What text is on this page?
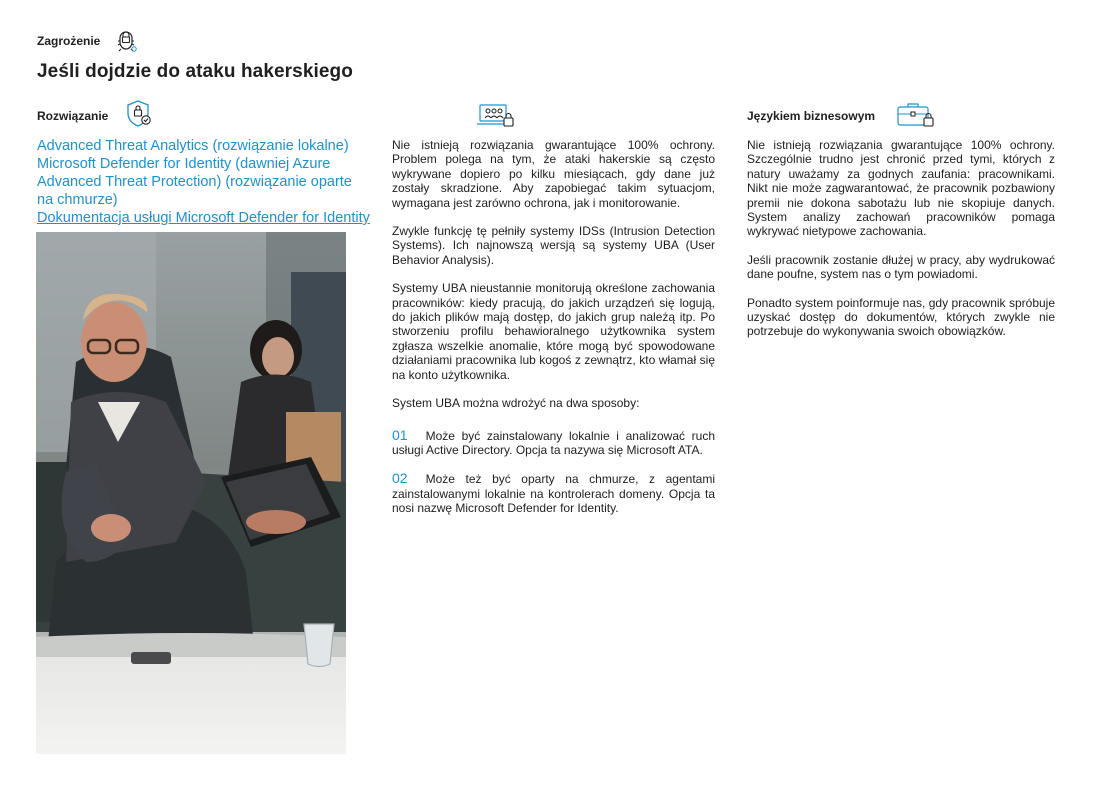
Zagrożenie
Jeśli dojdzie do ataku hakerskiego
Rozwiązanie
Advanced Threat Analytics (rozwiązanie lokalne)
Microsoft Defender for Identity (dawniej Azure
Advanced Threat Protection) (rozwiązanie oparte
na chmurze)
Dokumentacja usługi Microsoft Defender for Identity

Nie istnieją rozwiązania gwarantujące 100% ochrony. Problem polega na tym, że ataki hakerskie są często wykrywane dopiero po kilku miesiącach, gdy dane już zostały skradzione. Aby zapobiegać takim sytuacjom, wymagana jest zarówno ochrona, jak i monitorowanie.

Zwykle funkcję tę pełniły systemy IDSs (Intrusion Detection Systems). Ich najnowszą wersją są systemy UBA (User Behavior Analysis).

Systemy UBA nieustannie monitorują określone zachowania pracowników: kiedy pracują, do jakich urządzeń się logują, do jakich plików mają dostęp, do jakich grup należą itp. Po stworzeniu profilu behawioralnego użytkownika system zgłasza wszelkie anomalie, które mogą być spowodowane działaniami pracownika lub kogoś z zewnątrz, kto włamał się na konto użytkownika.

System UBA można wdrożyć na dwa sposoby:

01 Może być zainstalowany lokalnie i analizować ruch usługi Active Directory. Opcja ta nazywa się Microsoft ATA.

02 Może też być oparty na chmurze, z agentami zainstalowanymi lokalnie na kontrolerach domeny. Opcja ta nosi nazwę Microsoft Defender for Identity.

Językiem biznesowym

Nie istnieją rozwiązania gwarantujące 100% ochrony. Szczególnie trudno jest chronić przed tymi, których z natury uważamy za godnych zaufania: pracownikami. Nikt nie może zagwarantować, że pracownik pozbawiony premii nie dokona sabotażu lub nie skopiuje danych. System analizy zachowań pracowników pomaga wykrywać nietypowe zachowania.

Jeśli pracownik zostanie dłużej w pracy, aby wydrukować dane poufne, system nas o tym powiadomi.

Ponadto system poinformuje nas, gdy pracownik spróbuje uzyskać dostęp do dokumentów, których zwykle nie potrzebuje do wykonywania swoich obowiązków.
